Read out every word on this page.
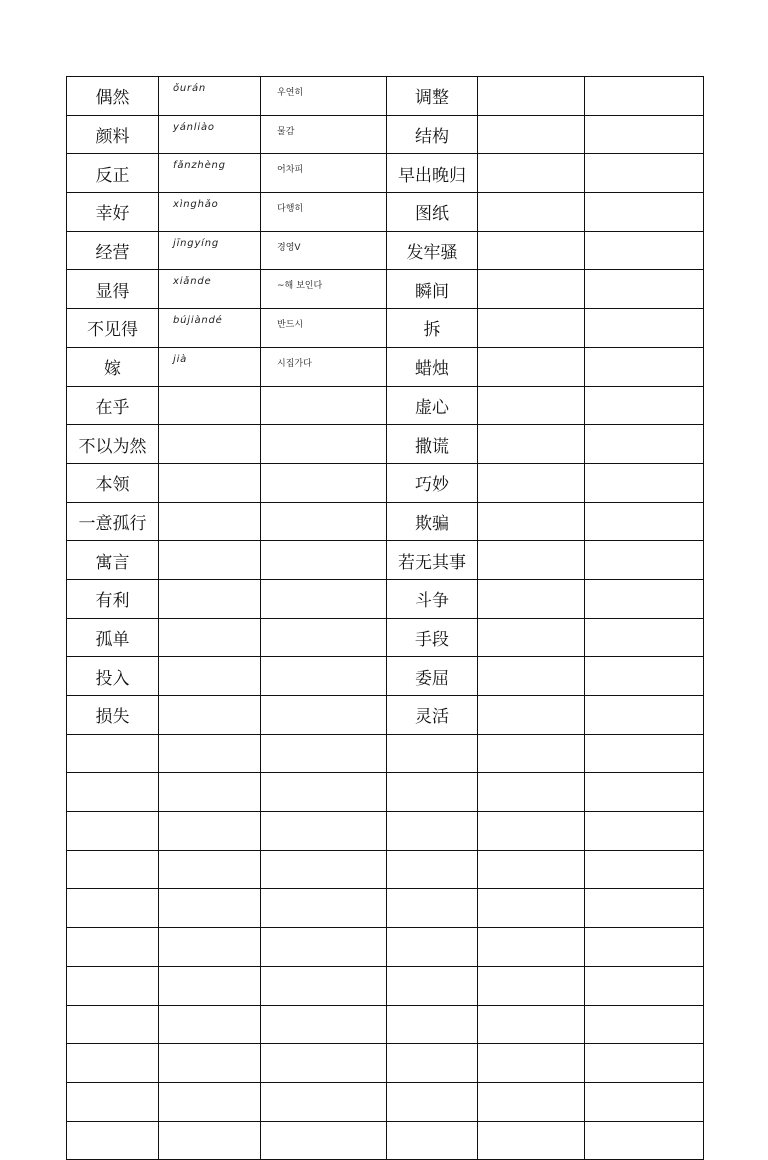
偶然	ǒurán	우연히	调整		
颜料	yánliào	물감	结构		
反正	fǎnzhèng	어차피	早出晚归		
幸好	xìnghǎo	다행히	图纸		
经营	jīngyíng	경영V	发牢骚		
显得	xiǎnde	~해 보인다	瞬间		
不见得	bújiàndé	반드시	拆		
嫁	jià	시집가다	蜡烛		
在乎			虚心		
不以为然			撒谎		
本领			巧妙		
一意孤行			欺骗		
寓言			若无其事		
有利			斗争		
孤单			手段		
投入			委屈		
损失			灵活		
